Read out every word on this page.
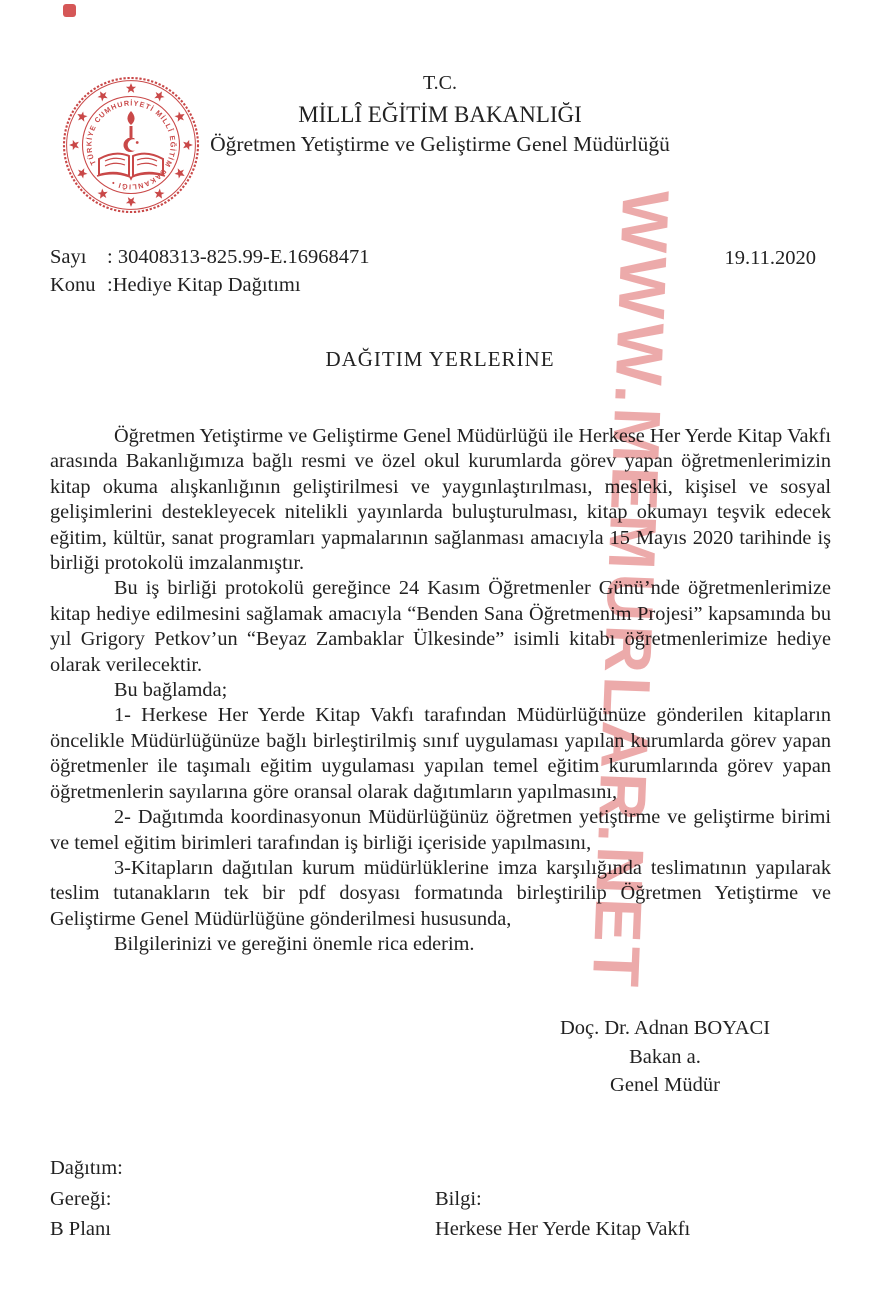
WWW.MEMURLAR.NET
TÜRKİYE CUMHURİYETİ MİLLÎ EĞİTİM BAKANLIĞI •
T.C.
MİLLÎ EĞİTİM BAKANLIĞI
Öğretmen Yetiştirme ve Geliştirme Genel Müdürlüğü
Sayı	: 30408313-825.99-E.16968471
Konu :Hediye Kitap Dağıtımı
19.11.2020
DAĞITIM YERLERİNE

Öğretmen Yetiştirme ve Geliştirme Genel Müdürlüğü ile Herkese Her Yerde Kitap Vakfı arasında Bakanlığımıza bağlı resmi ve özel okul kurumlarda görev yapan öğretmenlerimizin kitap okuma alışkanlığının geliştirilmesi ve yaygınlaştırılması, mesleki, kişisel ve sosyal gelişimlerini destekleyecek nitelikli yayınlarda buluşturulması, kitap okumayı teşvik edecek eğitim, kültür, sanat programları yapmalarının sağlanması amacıyla 15 Mayıs 2020 tarihinde iş birliği protokolü imzalanmıştır.

Bu iş birliği protokolü gereğince 24 Kasım Öğretmenler Günü’nde öğretmenlerimize kitap hediye edilmesini sağlamak amacıyla “Benden Sana Öğretmenim Projesi” kapsamında bu yıl Grigory Petkov’un “Beyaz Zambaklar Ülkesinde” isimli kitabı öğretmenlerimize hediye olarak verilecektir.

Bu bağlamda;

1- Herkese Her Yerde Kitap Vakfı tarafından Müdürlüğünüze gönderilen kitapların öncelikle Müdürlüğünüze bağlı birleştirilmiş sınıf uygulaması yapılan kurumlarda görev yapan öğretmenler ile taşımalı eğitim uygulaması yapılan temel eğitim kurumlarında görev yapan öğretmenlerin sayılarına göre oransal olarak dağıtımların yapılmasını,

2- Dağıtımda koordinasyonun Müdürlüğünüz öğretmen yetiştirme ve geliştirme birimi ve temel eğitim birimleri tarafından iş birliği içeriside yapılmasını,

3-Kitapların dağıtılan kurum müdürlüklerine imza karşılığında teslimatının yapılarak teslim tutanakların tek bir pdf dosyası formatında birleştirilip Öğretmen Yetiştirme ve Geliştirme Genel Müdürlüğüne gönderilmesi hususunda,

Bilgilerinizi ve gereğini önemle rica ederim.

Doç. Dr. Adnan BOYACI
Bakan a.
Genel Müdür
Dağıtım:
Gereği:	Bilgi:
B Planı	Herkese Her Yerde Kitap Vakfı
